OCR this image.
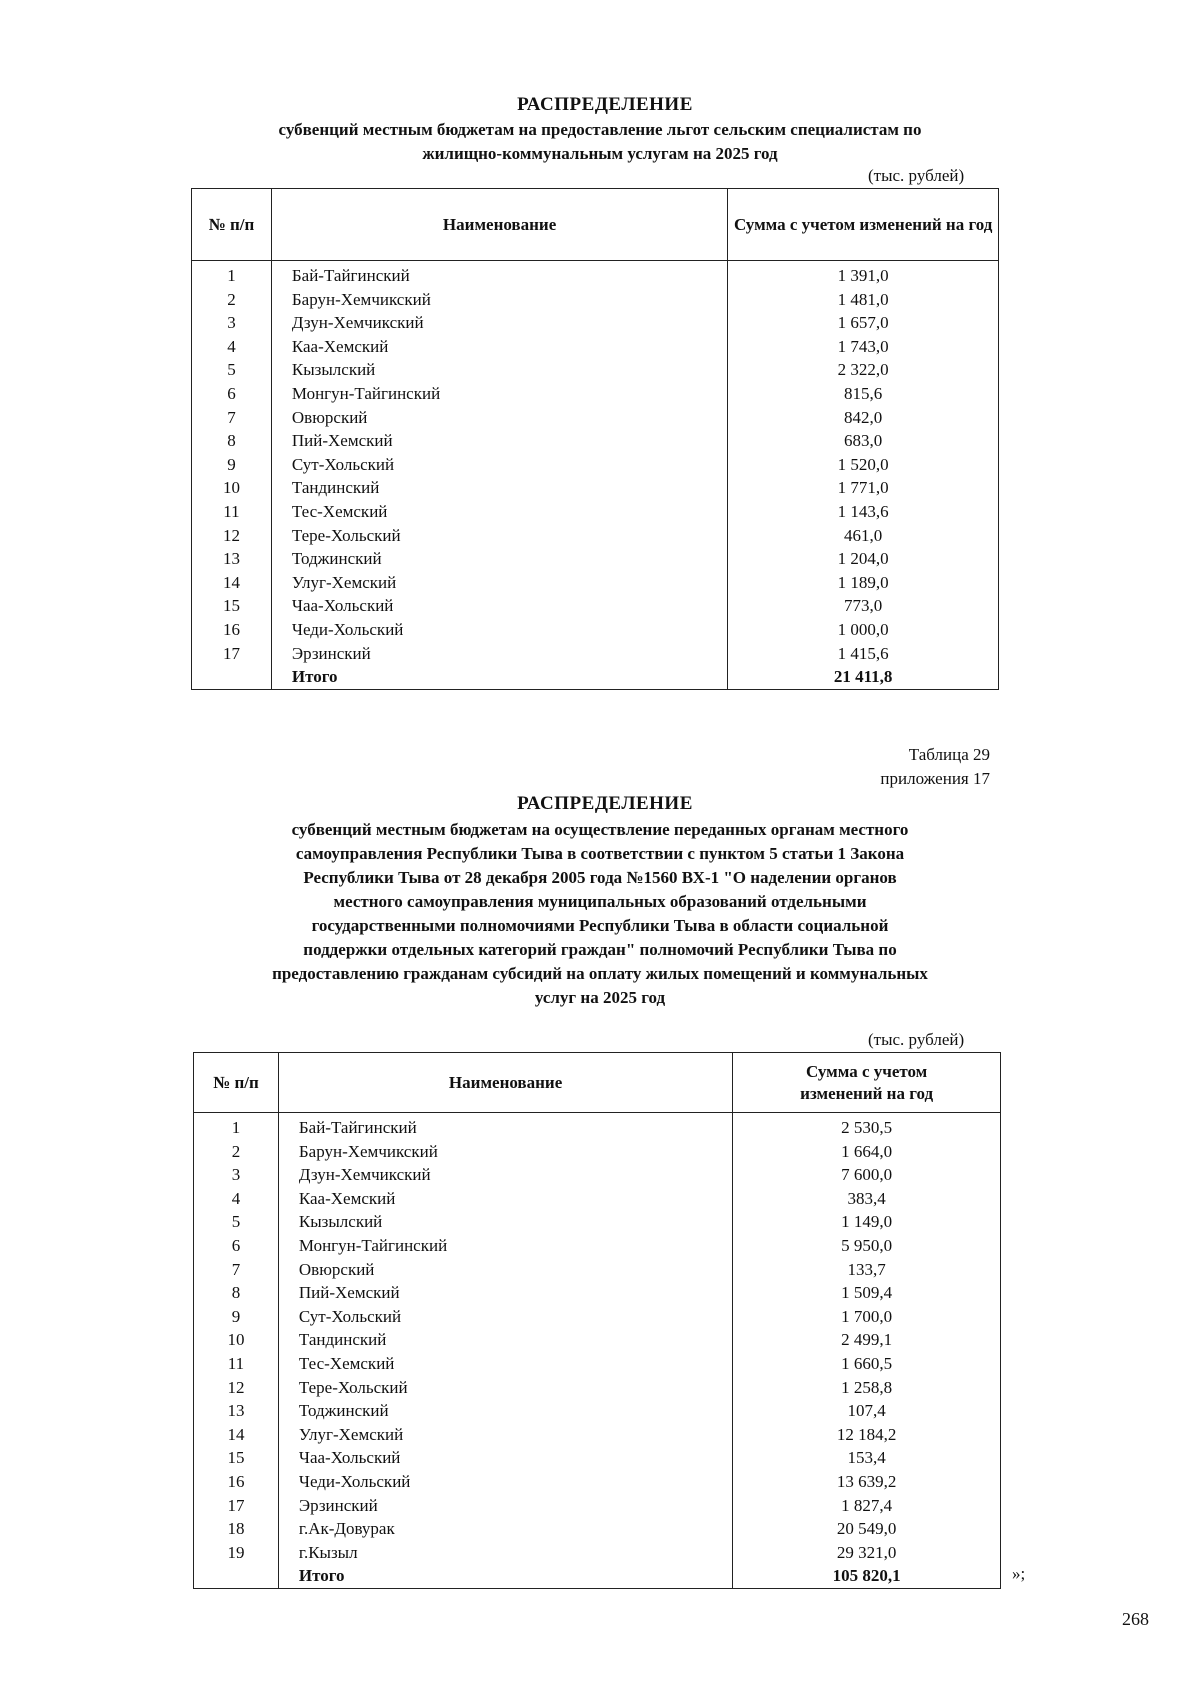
РАСПРЕДЕЛЕНИЕ
субвенций местным бюджетам на предоставление льгот сельским специалистам по
жилищно-коммунальным услугам на 2025 год
(тыс. рублей)
№ п/п	Наименование	Сумма с учетом изменений на год
1	Бай-Тайгинский	1 391,0
2	Барун-Хемчикский	1 481,0
3	Дзун-Хемчикский	1 657,0
4	Каа-Хемский	1 743,0
5	Кызылский	2 322,0
6	Монгун-Тайгинский	815,6
7	Овюрский	842,0
8	Пий-Хемский	683,0
9	Сут-Хольский	1 520,0
10	Тандинский	1 771,0
11	Тес-Хемский	1 143,6
12	Тере-Хольский	461,0
13	Тоджинский	1 204,0
14	Улуг-Хемский	1 189,0
15	Чаа-Хольский	773,0
16	Чеди-Хольский	1 000,0
17	Эрзинский	1 415,6
	Итого	21 411,8
Таблица 29
приложения 17
РАСПРЕДЕЛЕНИЕ
субвенций местным бюджетам на осуществление переданных органам местного
самоуправления Республики Тыва в соответствии с пунктом 5 статьи 1 Закона
Республики Тыва от 28 декабря 2005 года №1560 ВХ-1 "О наделении органов
местного самоуправления муниципальных образований отдельными
государственными полномочиями Республики Тыва в области социальной
поддержки отдельных категорий граждан" полномочий Республики Тыва по
предоставлению гражданам субсидий на оплату жилых помещений и коммунальных
услуг на 2025 год
(тыс. рублей)
№ п/п	Наименование	Сумма с учетом
изменений на год

1	Бай-Тайгинский	2 530,5
2	Барун-Хемчикский	1 664,0
3	Дзун-Хемчикский	7 600,0
4	Каа-Хемский	383,4
5	Кызылский	1 149,0
6	Монгун-Тайгинский	5 950,0
7	Овюрский	133,7
8	Пий-Хемский	1 509,4
9	Сут-Хольский	1 700,0
10	Тандинский	2 499,1
11	Тес-Хемский	1 660,5
12	Тере-Хольский	1 258,8
13	Тоджинский	107,4
14	Улуг-Хемский	12 184,2
15	Чаа-Хольский	153,4
16	Чеди-Хольский	13 639,2
17	Эрзинский	1 827,4
18	г.Ак-Довурак	20 549,0
19	г.Кызыл	29 321,0
	Итого	105 820,1	»;
268
